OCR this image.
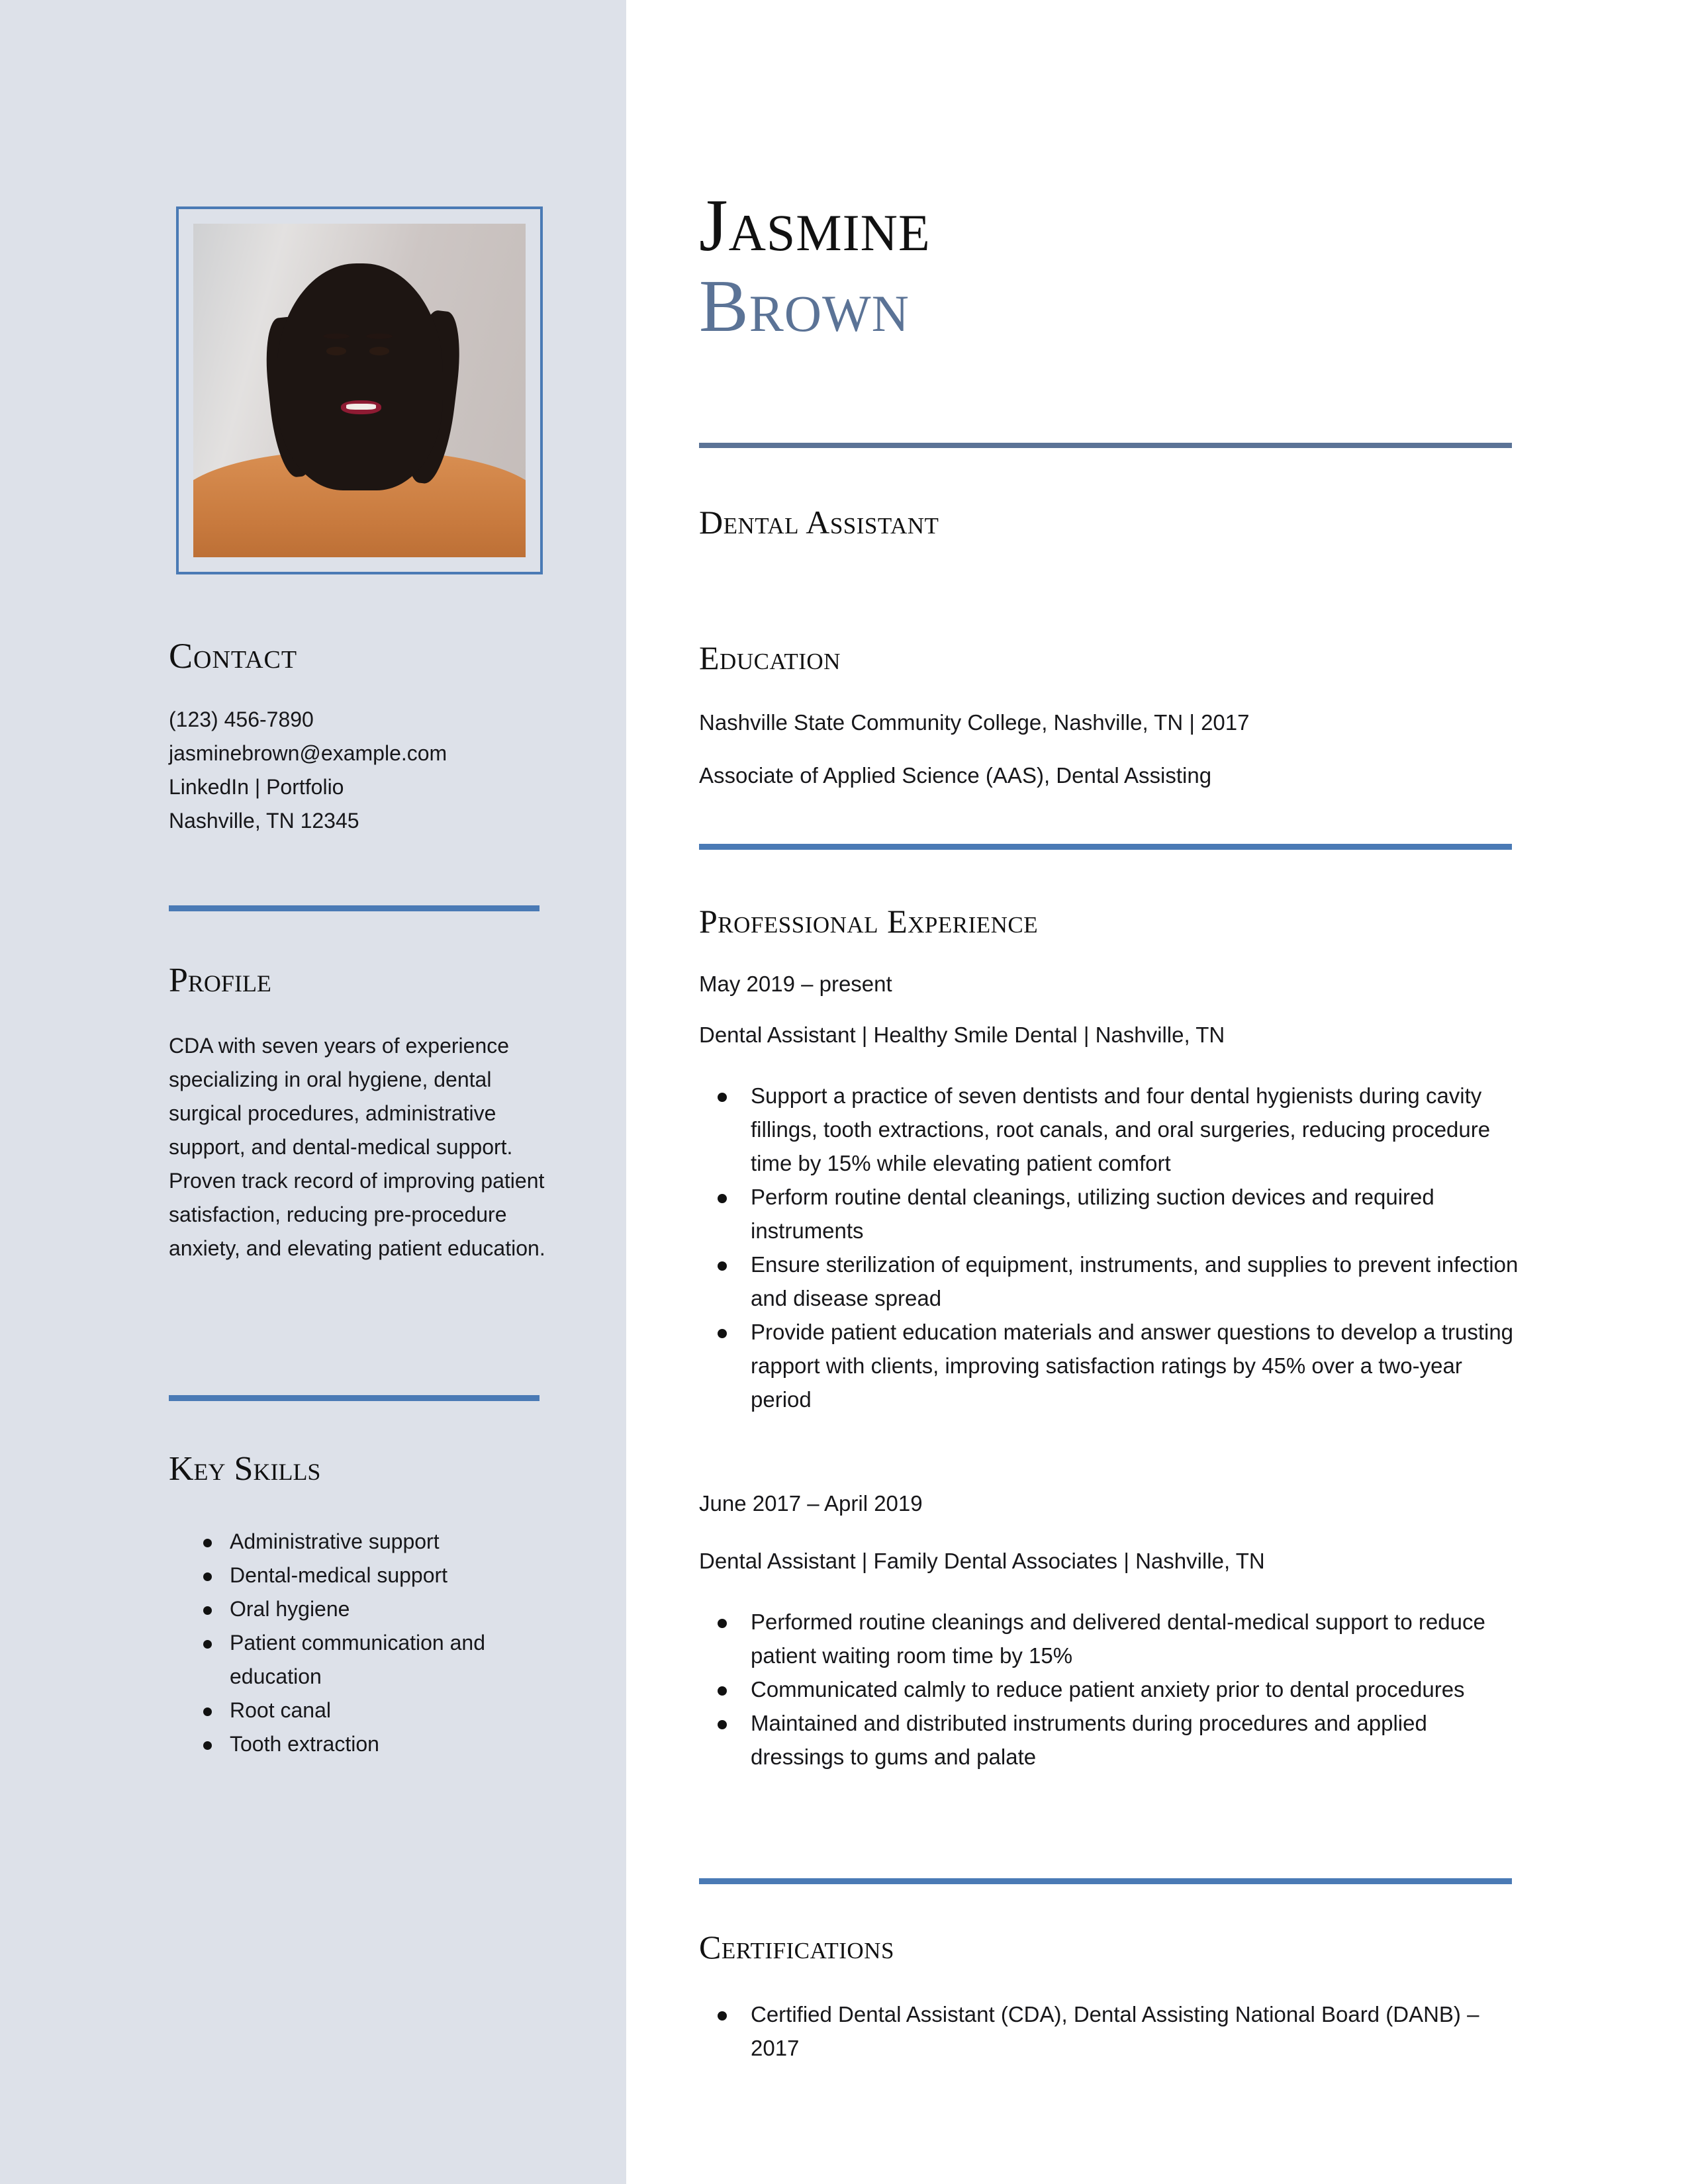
Contact
(123) 456-7890
jasminebrown@example.com
LinkedIn | Portfolio
Nashville, TN 12345
Profile
CDA with seven years of experience specializing in oral hygiene, dental surgical procedures, administrative support, and dental-medical support. Proven track record of improving patient satisfaction, reducing pre-procedure anxiety, and elevating patient education.
Key Skills
Administrative support
Dental-medical support
Oral hygiene
Patient communication and education
Root canal
Tooth extraction
Jasmine
Brown
Dental Assistant
Education
Nashville State Community College, Nashville, TN | 2017
Associate of Applied Science (AAS), Dental Assisting
Professional Experience
May 2019 – present
Dental Assistant | Healthy Smile Dental | Nashville, TN
Support a practice of seven dentists and four dental hygienists during cavity fillings, tooth extractions, root canals, and oral surgeries, reducing procedure time by 15% while elevating patient comfort
Perform routine dental cleanings, utilizing suction devices and required instruments
Ensure sterilization of equipment, instruments, and supplies to prevent infection and disease spread
Provide patient education materials and answer questions to develop a trusting rapport with clients, improving satisfaction ratings by 45% over a two-year period
June 2017 – April 2019
Dental Assistant | Family Dental Associates | Nashville, TN
Performed routine cleanings and delivered dental-medical support to reduce patient waiting room time by 15%
Communicated calmly to reduce patient anxiety prior to dental procedures
Maintained and distributed instruments during procedures and applied dressings to gums and palate
Certifications
Certified Dental Assistant (CDA), Dental Assisting National Board (DANB) – 2017
